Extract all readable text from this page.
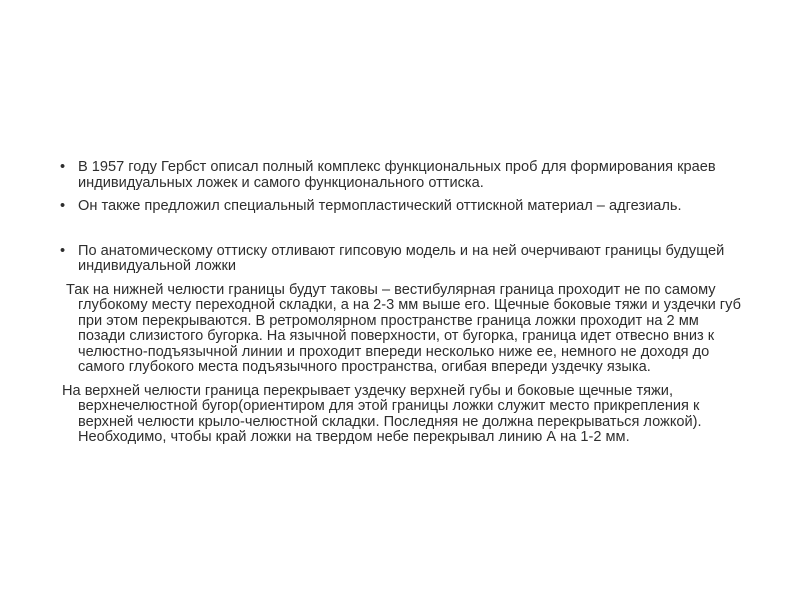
• В 1957 году Гербст описал полный комплекс функциональных проб для формирования краев индивидуальных ложек и самого функционального оттиска.

• Он также предложил специальный термопластический оттискной материал – адгезиаль.

• По анатомическому оттиску отливают гипсовую модель и на ней очерчивают границы будущей индивидуальной ложки

Так на нижней челюсти границы будут таковы – вестибулярная граница проходит не по самому глубокому месту переходной складки, а на 2-3 мм выше его. Щечные боковые тяжи и уздечки губ при этом перекрываются. В ретромолярном пространстве граница ложки проходит на 2 мм позади слизистого бугорка. На язычной поверхности, от бугорка, граница идет отвесно вниз к челюстно-подъязычной линии и проходит впереди несколько ниже ее, немного не доходя до самого глубокого места подъязычного пространства, огибая впереди уздечку языка.

На верхней челюсти граница перекрывает уздечку верхней губы и боковые щечные тяжи, верхнечелюстной бугор(ориентиром для этой границы ложки служит место прикрепления к верхней челюсти крыло-челюстной складки. Последняя не должна перекрываться ложкой). Необходимо, чтобы край ложки на твердом небе перекрывал линию А на 1-2 мм.
